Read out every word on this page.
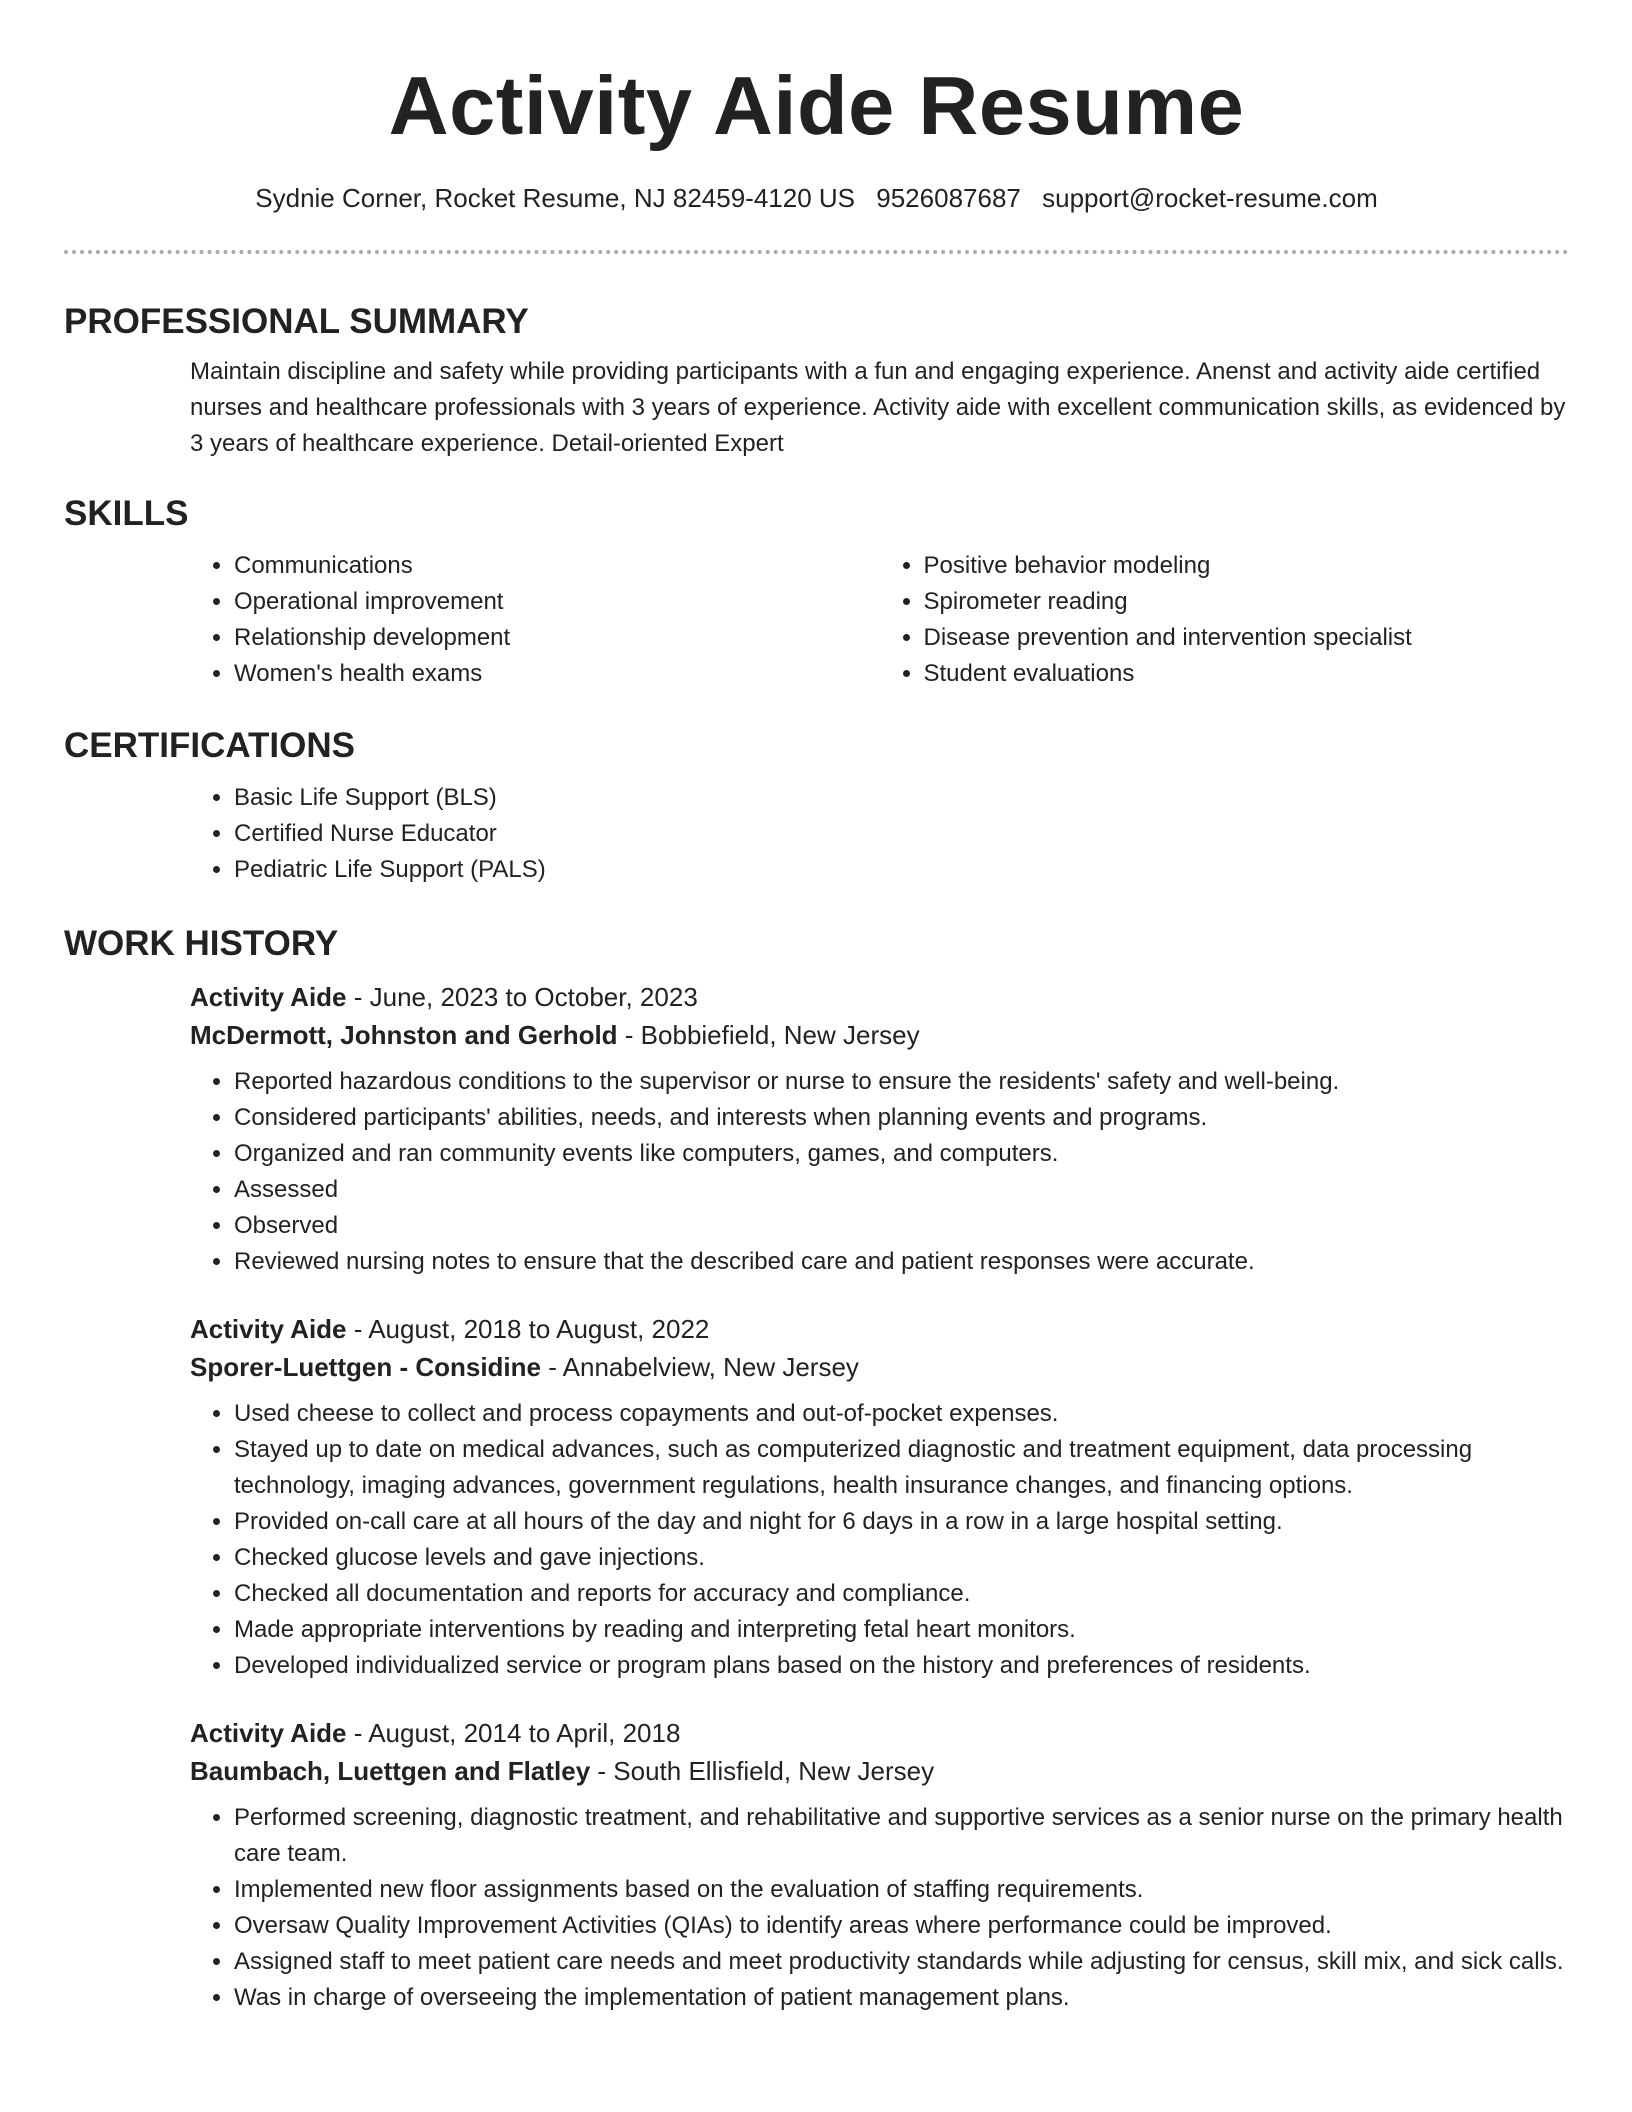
Activity Aide Resume
Sydnie Corner, Rocket Resume, NJ 82459-4120 US 9526087687 support@rocket-resume.com
PROFESSIONAL SUMMARY

Maintain discipline and safety while providing participants with a fun and engaging experience. Anenst and activity aide certified nurses and healthcare professionals with 3 years of experience. Activity aide with excellent communication skills, as evidenced by 3 years of healthcare experience. Detail-oriented Expert

SKILLS
• Communications
• Operational improvement
• Relationship development
• Women's health exams
• Positive behavior modeling
• Spirometer reading
• Disease prevention and intervention specialist
• Student evaluations
CERTIFICATIONS
• Basic Life Support (BLS)
• Certified Nurse Educator
• Pediatric Life Support (PALS)
WORK HISTORY
Activity Aide - June, 2023 to October, 2023
McDermott, Johnston and Gerhold - Bobbiefield, New Jersey
• Reported hazardous conditions to the supervisor or nurse to ensure the residents' safety and well-being.
• Considered participants' abilities, needs, and interests when planning events and programs.
• Organized and ran community events like computers, games, and computers.
• Assessed
• Observed
• Reviewed nursing notes to ensure that the described care and patient responses were accurate.
Activity Aide - August, 2018 to August, 2022
Sporer-Luettgen - Considine - Annabelview, New Jersey
• Used cheese to collect and process copayments and out-of-pocket expenses.
• Stayed up to date on medical advances, such as computerized diagnostic and treatment equipment, data processing technology, imaging advances, government regulations, health insurance changes, and financing options.
• Provided on-call care at all hours of the day and night for 6 days in a row in a large hospital setting.
• Checked glucose levels and gave injections.
• Checked all documentation and reports for accuracy and compliance.
• Made appropriate interventions by reading and interpreting fetal heart monitors.
• Developed individualized service or program plans based on the history and preferences of residents.
Activity Aide - August, 2014 to April, 2018
Baumbach, Luettgen and Flatley - South Ellisfield, New Jersey
• Performed screening, diagnostic treatment, and rehabilitative and supportive services as a senior nurse on the primary health care team.
• Implemented new floor assignments based on the evaluation of staffing requirements.
• Oversaw Quality Improvement Activities (QIAs) to identify areas where performance could be improved.
• Assigned staff to meet patient care needs and meet productivity standards while adjusting for census, skill mix, and sick calls.
• Was in charge of overseeing the implementation of patient management plans.
